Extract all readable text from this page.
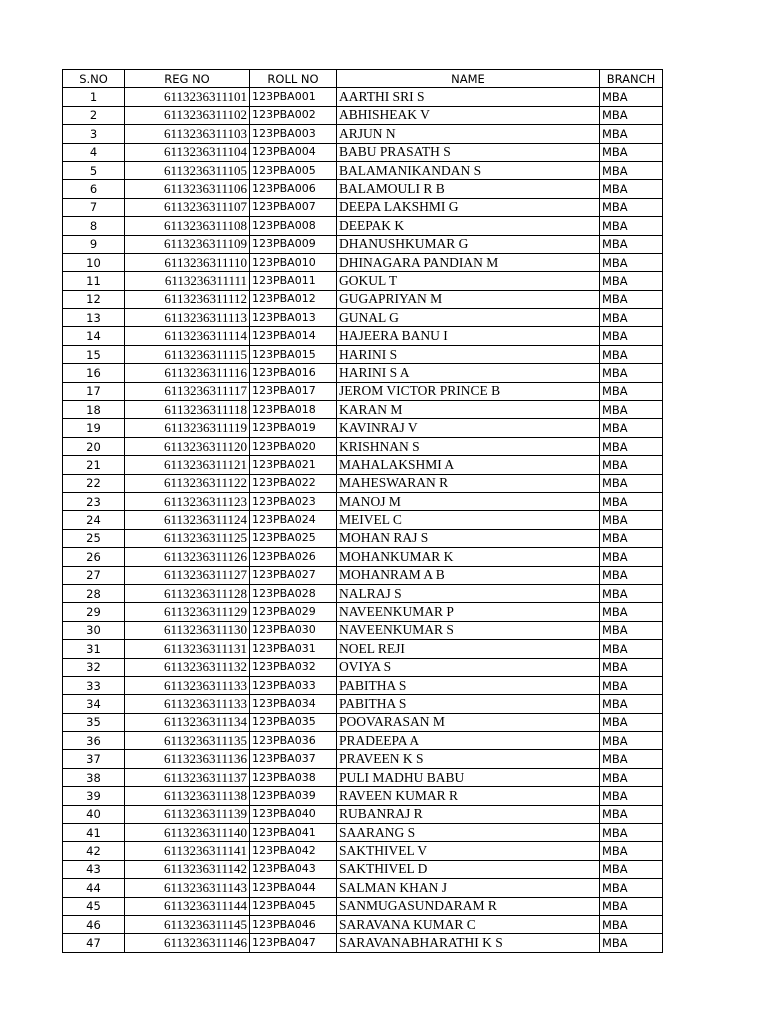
S.NO	REG NO	ROLL NO	NAME	BRANCH
1	6113236311101	123PBA001	AARTHI SRI S	MBA
2	6113236311102	123PBA002	ABHISHEAK V	MBA
3	6113236311103	123PBA003	ARJUN N	MBA
4	6113236311104	123PBA004	BABU PRASATH S	MBA
5	6113236311105	123PBA005	BALAMANIKANDAN S	MBA
6	6113236311106	123PBA006	BALAMOULI R B	MBA
7	6113236311107	123PBA007	DEEPA LAKSHMI G	MBA
8	6113236311108	123PBA008	DEEPAK K	MBA
9	6113236311109	123PBA009	DHANUSHKUMAR G	MBA
10	6113236311110	123PBA010	DHINAGARA PANDIAN M	MBA
11	6113236311111	123PBA011	GOKUL T	MBA
12	6113236311112	123PBA012	GUGAPRIYAN M	MBA
13	6113236311113	123PBA013	GUNAL G	MBA
14	6113236311114	123PBA014	HAJEERA BANU I	MBA
15	6113236311115	123PBA015	HARINI S	MBA
16	6113236311116	123PBA016	HARINI S A	MBA
17	6113236311117	123PBA017	JEROM VICTOR PRINCE B	MBA
18	6113236311118	123PBA018	KARAN M	MBA
19	6113236311119	123PBA019	KAVINRAJ V	MBA
20	6113236311120	123PBA020	KRISHNAN S	MBA
21	6113236311121	123PBA021	MAHALAKSHMI A	MBA
22	6113236311122	123PBA022	MAHESWARAN R	MBA
23	6113236311123	123PBA023	MANOJ M	MBA
24	6113236311124	123PBA024	MEIVEL C	MBA
25	6113236311125	123PBA025	MOHAN RAJ S	MBA
26	6113236311126	123PBA026	MOHANKUMAR K	MBA
27	6113236311127	123PBA027	MOHANRAM A B	MBA
28	6113236311128	123PBA028	NALRAJ S	MBA
29	6113236311129	123PBA029	NAVEENKUMAR P	MBA
30	6113236311130	123PBA030	NAVEENKUMAR S	MBA
31	6113236311131	123PBA031	NOEL REJI	MBA
32	6113236311132	123PBA032	OVIYA S	MBA
33	6113236311133	123PBA033	PABITHA S	MBA
34	6113236311133	123PBA034	PABITHA S	MBA
35	6113236311134	123PBA035	POOVARASAN M	MBA
36	6113236311135	123PBA036	PRADEEPA A	MBA
37	6113236311136	123PBA037	PRAVEEN K S	MBA
38	6113236311137	123PBA038	PULI MADHU BABU	MBA
39	6113236311138	123PBA039	RAVEEN KUMAR R	MBA
40	6113236311139	123PBA040	RUBANRAJ R	MBA
41	6113236311140	123PBA041	SAARANG S	MBA
42	6113236311141	123PBA042	SAKTHIVEL V	MBA
43	6113236311142	123PBA043	SAKTHIVEL D	MBA
44	6113236311143	123PBA044	SALMAN KHAN J	MBA
45	6113236311144	123PBA045	SANMUGASUNDARAM R	MBA
46	6113236311145	123PBA046	SARAVANA KUMAR C	MBA
47	6113236311146	123PBA047	SARAVANABHARATHI K S	MBA
